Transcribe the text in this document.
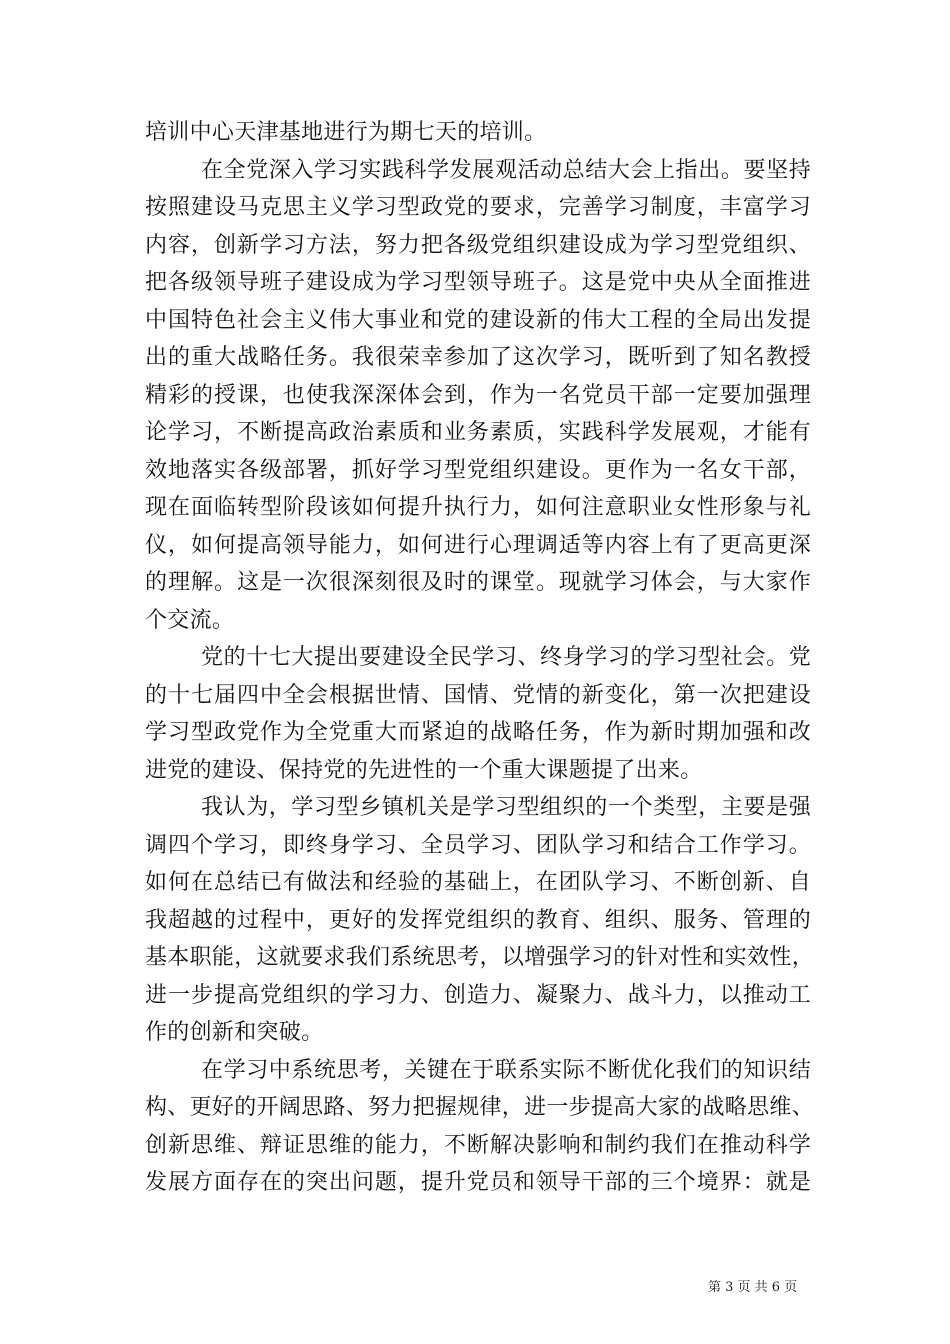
培训中心天津基地进行为期七天的培训。
在全党深入学习实践科学发展观活动总结大会上指出。要坚持
按照建设马克思主义学习型政党的要求，完善学习制度，丰富学习
内容，创新学习方法，努力把各级党组织建设成为学习型党组织、
把各级领导班子建设成为学习型领导班子。这是党中央从全面推进
中国特色社会主义伟大事业和党的建设新的伟大工程的全局出发提
出的重大战略任务。我很荣幸参加了这次学习，既听到了知名教授
精彩的授课，也使我深深体会到，作为一名党员干部一定要加强理
论学习，不断提高政治素质和业务素质，实践科学发展观，才能有
效地落实各级部署，抓好学习型党组织建设。更作为一名女干部，
现在面临转型阶段该如何提升执行力，如何注意职业女性形象与礼
仪，如何提高领导能力，如何进行心理调适等内容上有了更高更深
的理解。这是一次很深刻很及时的课堂。现就学习体会，与大家作
个交流。
党的十七大提出要建设全民学习、终身学习的学习型社会。党
的十七届四中全会根据世情、国情、党情的新变化，第一次把建设
学习型政党作为全党重大而紧迫的战略任务，作为新时期加强和改
进党的建设、保持党的先进性的一个重大课题提了出来。
我认为，学习型乡镇机关是学习型组织的一个类型，主要是强
调四个学习，即终身学习、全员学习、团队学习和结合工作学习。
如何在总结已有做法和经验的基础上，在团队学习、不断创新、自
我超越的过程中，更好的发挥党组织的教育、组织、服务、管理的
基本职能，这就要求我们系统思考，以增强学习的针对性和实效性，
进一步提高党组织的学习力、创造力、凝聚力、战斗力，以推动工
作的创新和突破。
在学习中系统思考，关键在于联系实际不断优化我们的知识结
构、更好的开阔思路、努力把握规律，进一步提高大家的战略思维、
创新思维、辩证思维的能力，不断解决影响和制约我们在推动科学
发展方面存在的突出问题，提升党员和领导干部的三个境界：就是
第 3 页 共 6 页
